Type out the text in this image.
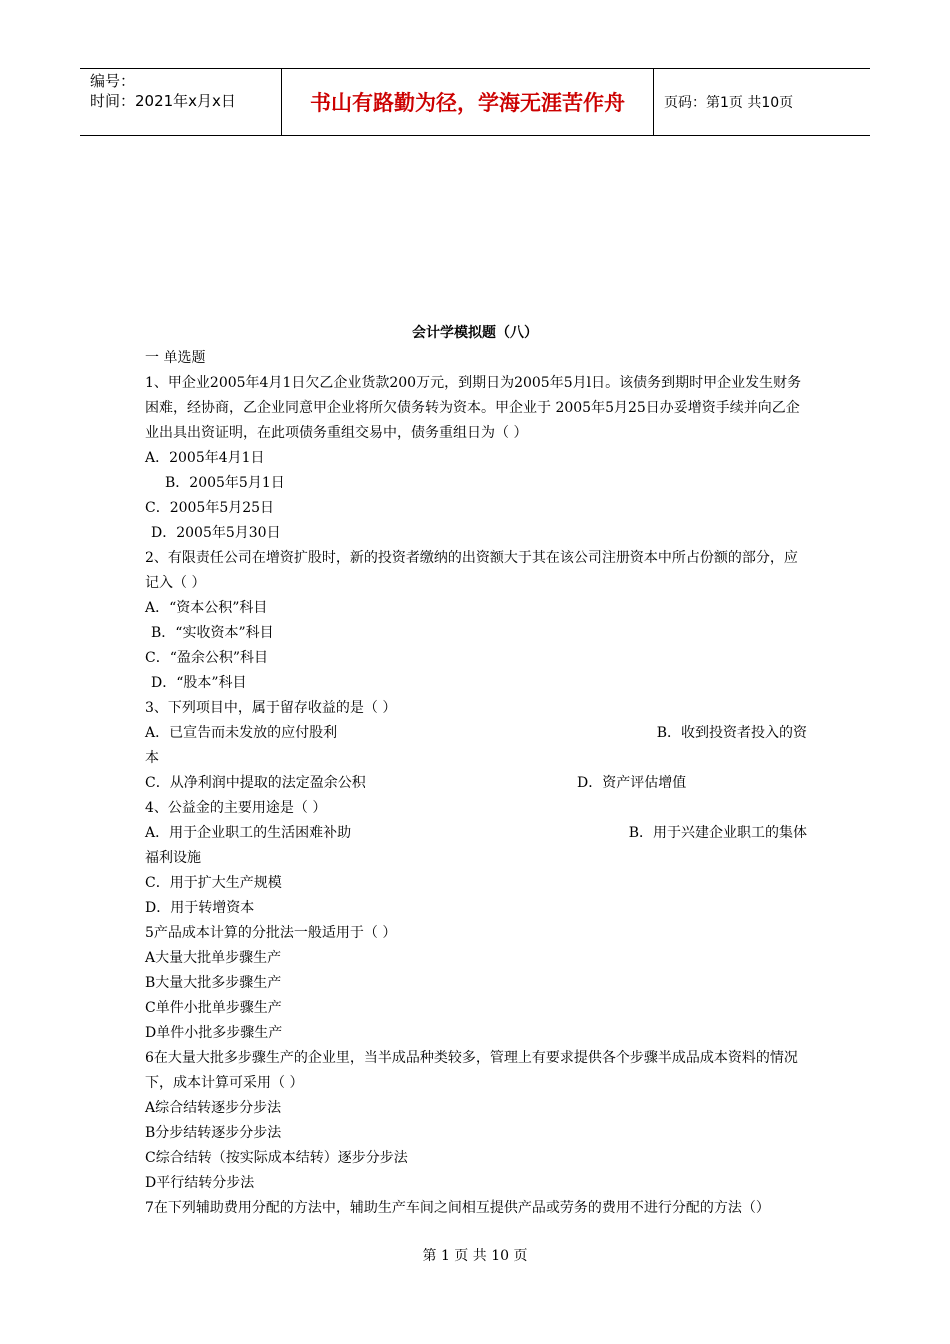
编号：
时间：2021年x月x日	书山有路勤为径，学海无涯苦作舟	页码：第1页 共10页
会计学模拟题（八）
一 单选题
1、甲企业2005年4月1日欠乙企业货款200万元，到期日为2005年5月l日。该债务到期时甲企业发生财务困难，经协商，乙企业同意甲企业将所欠债务转为资本。甲企业于 2005年5月25日办妥增资手续并向乙企业出具出资证明，在此项债务重组交易中，债务重组日为（ ）
A．2005年4月1日
B．2005年5月1日
C．2005年5月25日
D．2005年5月30日
2、有限责任公司在增资扩股时，新的投资者缴纳的出资额大于其在该公司注册资本中所占份额的部分，应记入（ ）
A．“资本公积”科目
B．“实收资本”科目
C．“盈余公积”科目
D．“股本”科目
3、下列项目中，属于留存收益的是（ ）
A．已宣告而未发放的应付股利	B．收到投资者投入的资
本
C．从净利润中提取的法定盈余公积	D．资产评估增值
4、公益金的主要用途是（ ）
A．用于企业职工的生活困难补助	B．用于兴建企业职工的集体
福利设施
C．用于扩大生产规模
D．用于转增资本
5产品成本计算的分批法一般适用于（ ）
A大量大批单步骤生产
B大量大批多步骤生产
C单件小批单步骤生产
D单件小批多步骤生产
6在大量大批多步骤生产的企业里，当半成品种类较多，管理上有要求提供各个步骤半成品成本资料的情况下，成本计算可采用（ ）
A综合结转逐步分步法
B分步结转逐步分步法
C综合结转（按实际成本结转）逐步分步法
D平行结转分步法
7在下列辅助费用分配的方法中，辅助生产车间之间相互提供产品或劳务的费用不进行分配的方法（）
第 1 页 共 10 页
